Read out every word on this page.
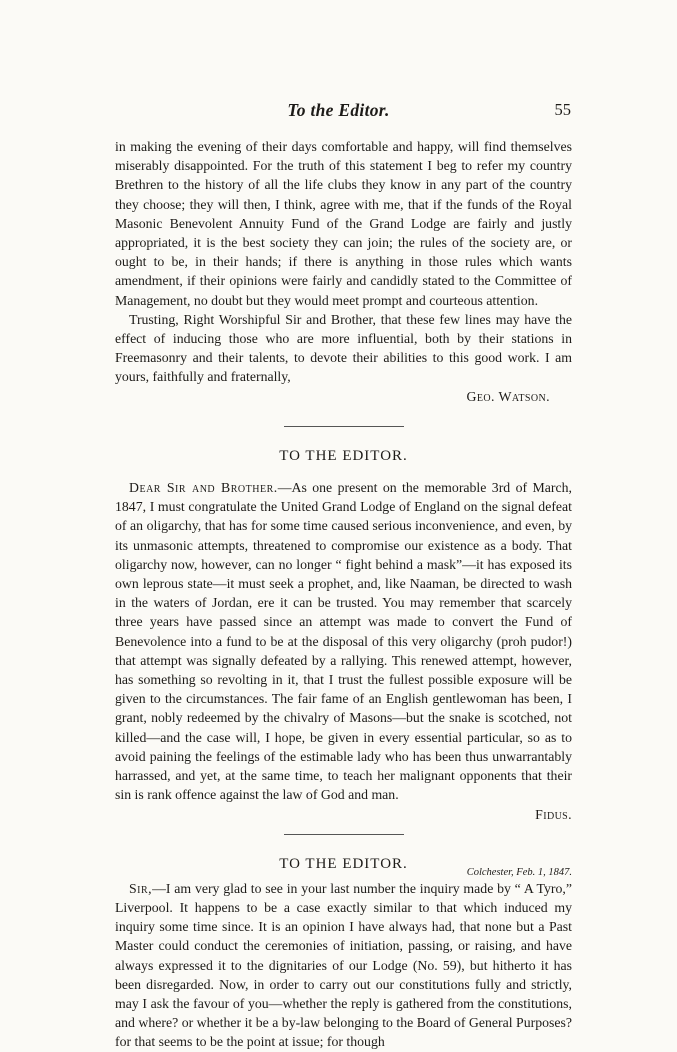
To the Editor.	55

in making the evening of their days comfortable and happy, will find themselves miserably disappointed. For the truth of this statement I beg to refer my country Brethren to the history of all the life clubs they know in any part of the country they choose; they will then, I think, agree with me, that if the funds of the Royal Masonic Benevolent Annuity Fund of the Grand Lodge are fairly and justly appropriated, it is the best society they can join; the rules of the society are, or ought to be, in their hands; if there is anything in those rules which wants amendment, if their opinions were fairly and candidly stated to the Committee of Management, no doubt but they would meet prompt and courteous attention.

Trusting, Right Worshipful Sir and Brother, that these few lines may have the effect of inducing those who are more influential, both by their stations in Freemasonry and their talents, to devote their abilities to this good work. I am yours, faithfully and fraternally,

Geo. Watson.

TO THE EDITOR.

Dear Sir and Brother.—As one present on the memorable 3rd of March, 1847, I must congratulate the United Grand Lodge of England on the signal defeat of an oligarchy, that has for some time caused serious inconvenience, and even, by its unmasonic attempts, threatened to compromise our existence as a body. That oligarchy now, however, can no longer “ fight behind a mask”—it has exposed its own leprous state—it must seek a prophet, and, like Naaman, be directed to wash in the waters of Jordan, ere it can be trusted. You may remember that scarcely three years have passed since an attempt was made to convert the Fund of Benevolence into a fund to be at the disposal of this very oligarchy (proh pudor!) that attempt was signally defeated by a rallying. This renewed attempt, however, has something so revolting in it, that I trust the fullest possible exposure will be given to the circumstances. The fair fame of an English gentlewoman has been, I grant, nobly redeemed by the chivalry of Masons—but the snake is scotched, not killed—and the case will, I hope, be given in every essential particular, so as to avoid paining the feelings of the estimable lady who has been thus unwarrantably harrassed, and yet, at the same time, to teach her malignant opponents that their sin is rank offence against the law of God and man.

Fidus.

TO THE EDITOR.
Colchester, Feb. 1, 1847.

Sir,—I am very glad to see in your last number the inquiry made by “ A Tyro,” Liverpool. It happens to be a case exactly similar to that which induced my inquiry some time since. It is an opinion I have always had, that none but a Past Master could conduct the ceremonies of initiation, passing, or raising, and have always expressed it to the dignitaries of our Lodge (No. 59), but hitherto it has been disregarded. Now, in order to carry out our constitutions fully and strictly, may I ask the favour of you—whether the reply is gathered from the constitutions, and where? or whether it be a by-law belonging to the Board of General Purposes? for that seems to be the point at issue; for though
